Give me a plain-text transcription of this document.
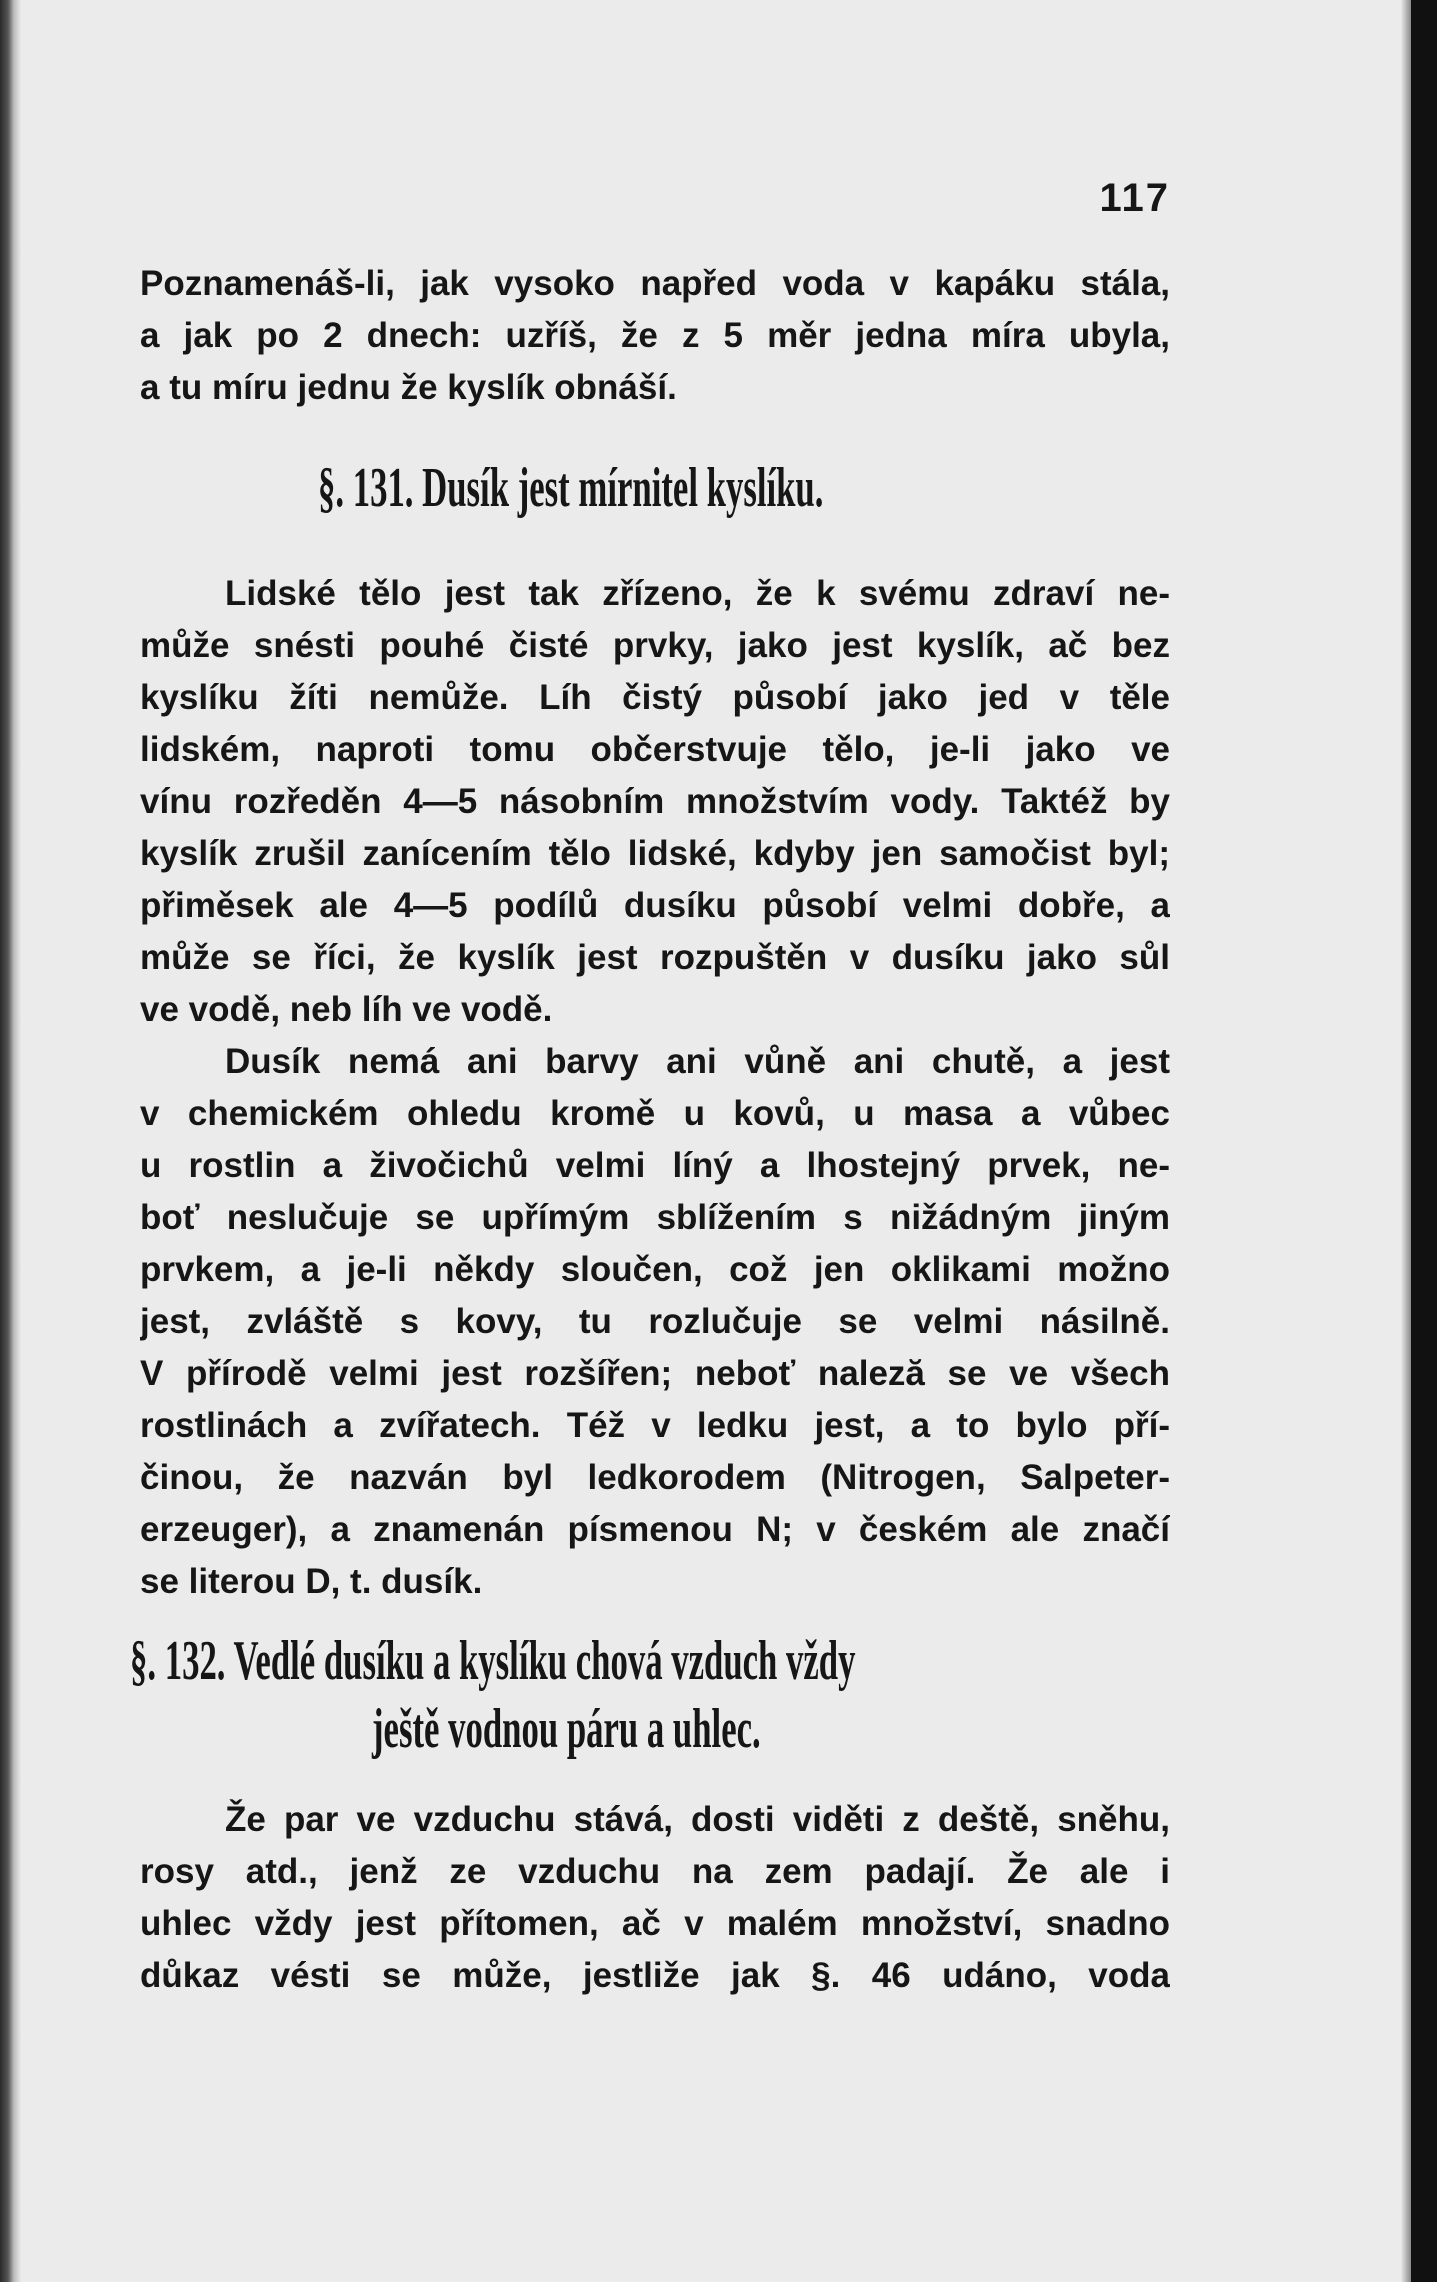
117
Poznamenáš-li, jak vysoko napřed voda v kapáku stála,
a jak po 2 dnech: uzříš, že z 5 měr jedna míra ubyla,
a tu míru jednu že kyslík obnáší.
§. 131. Dusík jest mírnitel kyslíku.
Lidské tělo jest tak zřízeno, že k svému zdraví ne-
může snésti pouhé čisté prvky, jako jest kyslík, ač bez
kyslíku žíti nemůže. Líh čistý působí jako jed v těle
lidském, naproti tomu občerstvuje tělo, je-li jako ve
vínu rozředěn 4—5 násobním množstvím vody. Taktéž by
kyslík zrušil zanícením tělo lidské, kdyby jen samočist byl;
přiměsek ale 4—5 podílů dusíku působí velmi dobře, a
může se říci, že kyslík jest rozpuštěn v dusíku jako sůl
ve vodě, neb líh ve vodě.
Dusík nemá ani barvy ani vůně ani chutě, a jest
v chemickém ohledu kromě u kovů, u masa a vůbec
u rostlin a živočichů velmi líný a lhostejný prvek, ne-
boť neslučuje se upřímým sblížením s nižádným jiným
prvkem, a je-li někdy sloučen, což jen oklikami možno
jest, zvláště s kovy, tu rozlučuje se velmi násilně.
V přírodě velmi jest rozšířen; neboť naleză se ve všech
rostlinách a zvířatech. Též v ledku jest, a to bylo pří-
činou, že nazván byl ledkorodem (Nitrogen, Salpeter-
erzeuger), a znamenán písmenou N; v českém ale značí
se literou D, t. dusík.
§. 132. Vedlé dusíku a kyslíku chová vzduch vždy
ještě vodnou páru a uhlec.
Že par ve vzduchu stává, dosti viděti z deště, sněhu,
rosy atd., jenž ze vzduchu na zem padají. Že ale i
uhlec vždy jest přítomen, ač v malém množství, snadno
důkaz vésti se může, jestliže jak §. 46 udáno, voda
